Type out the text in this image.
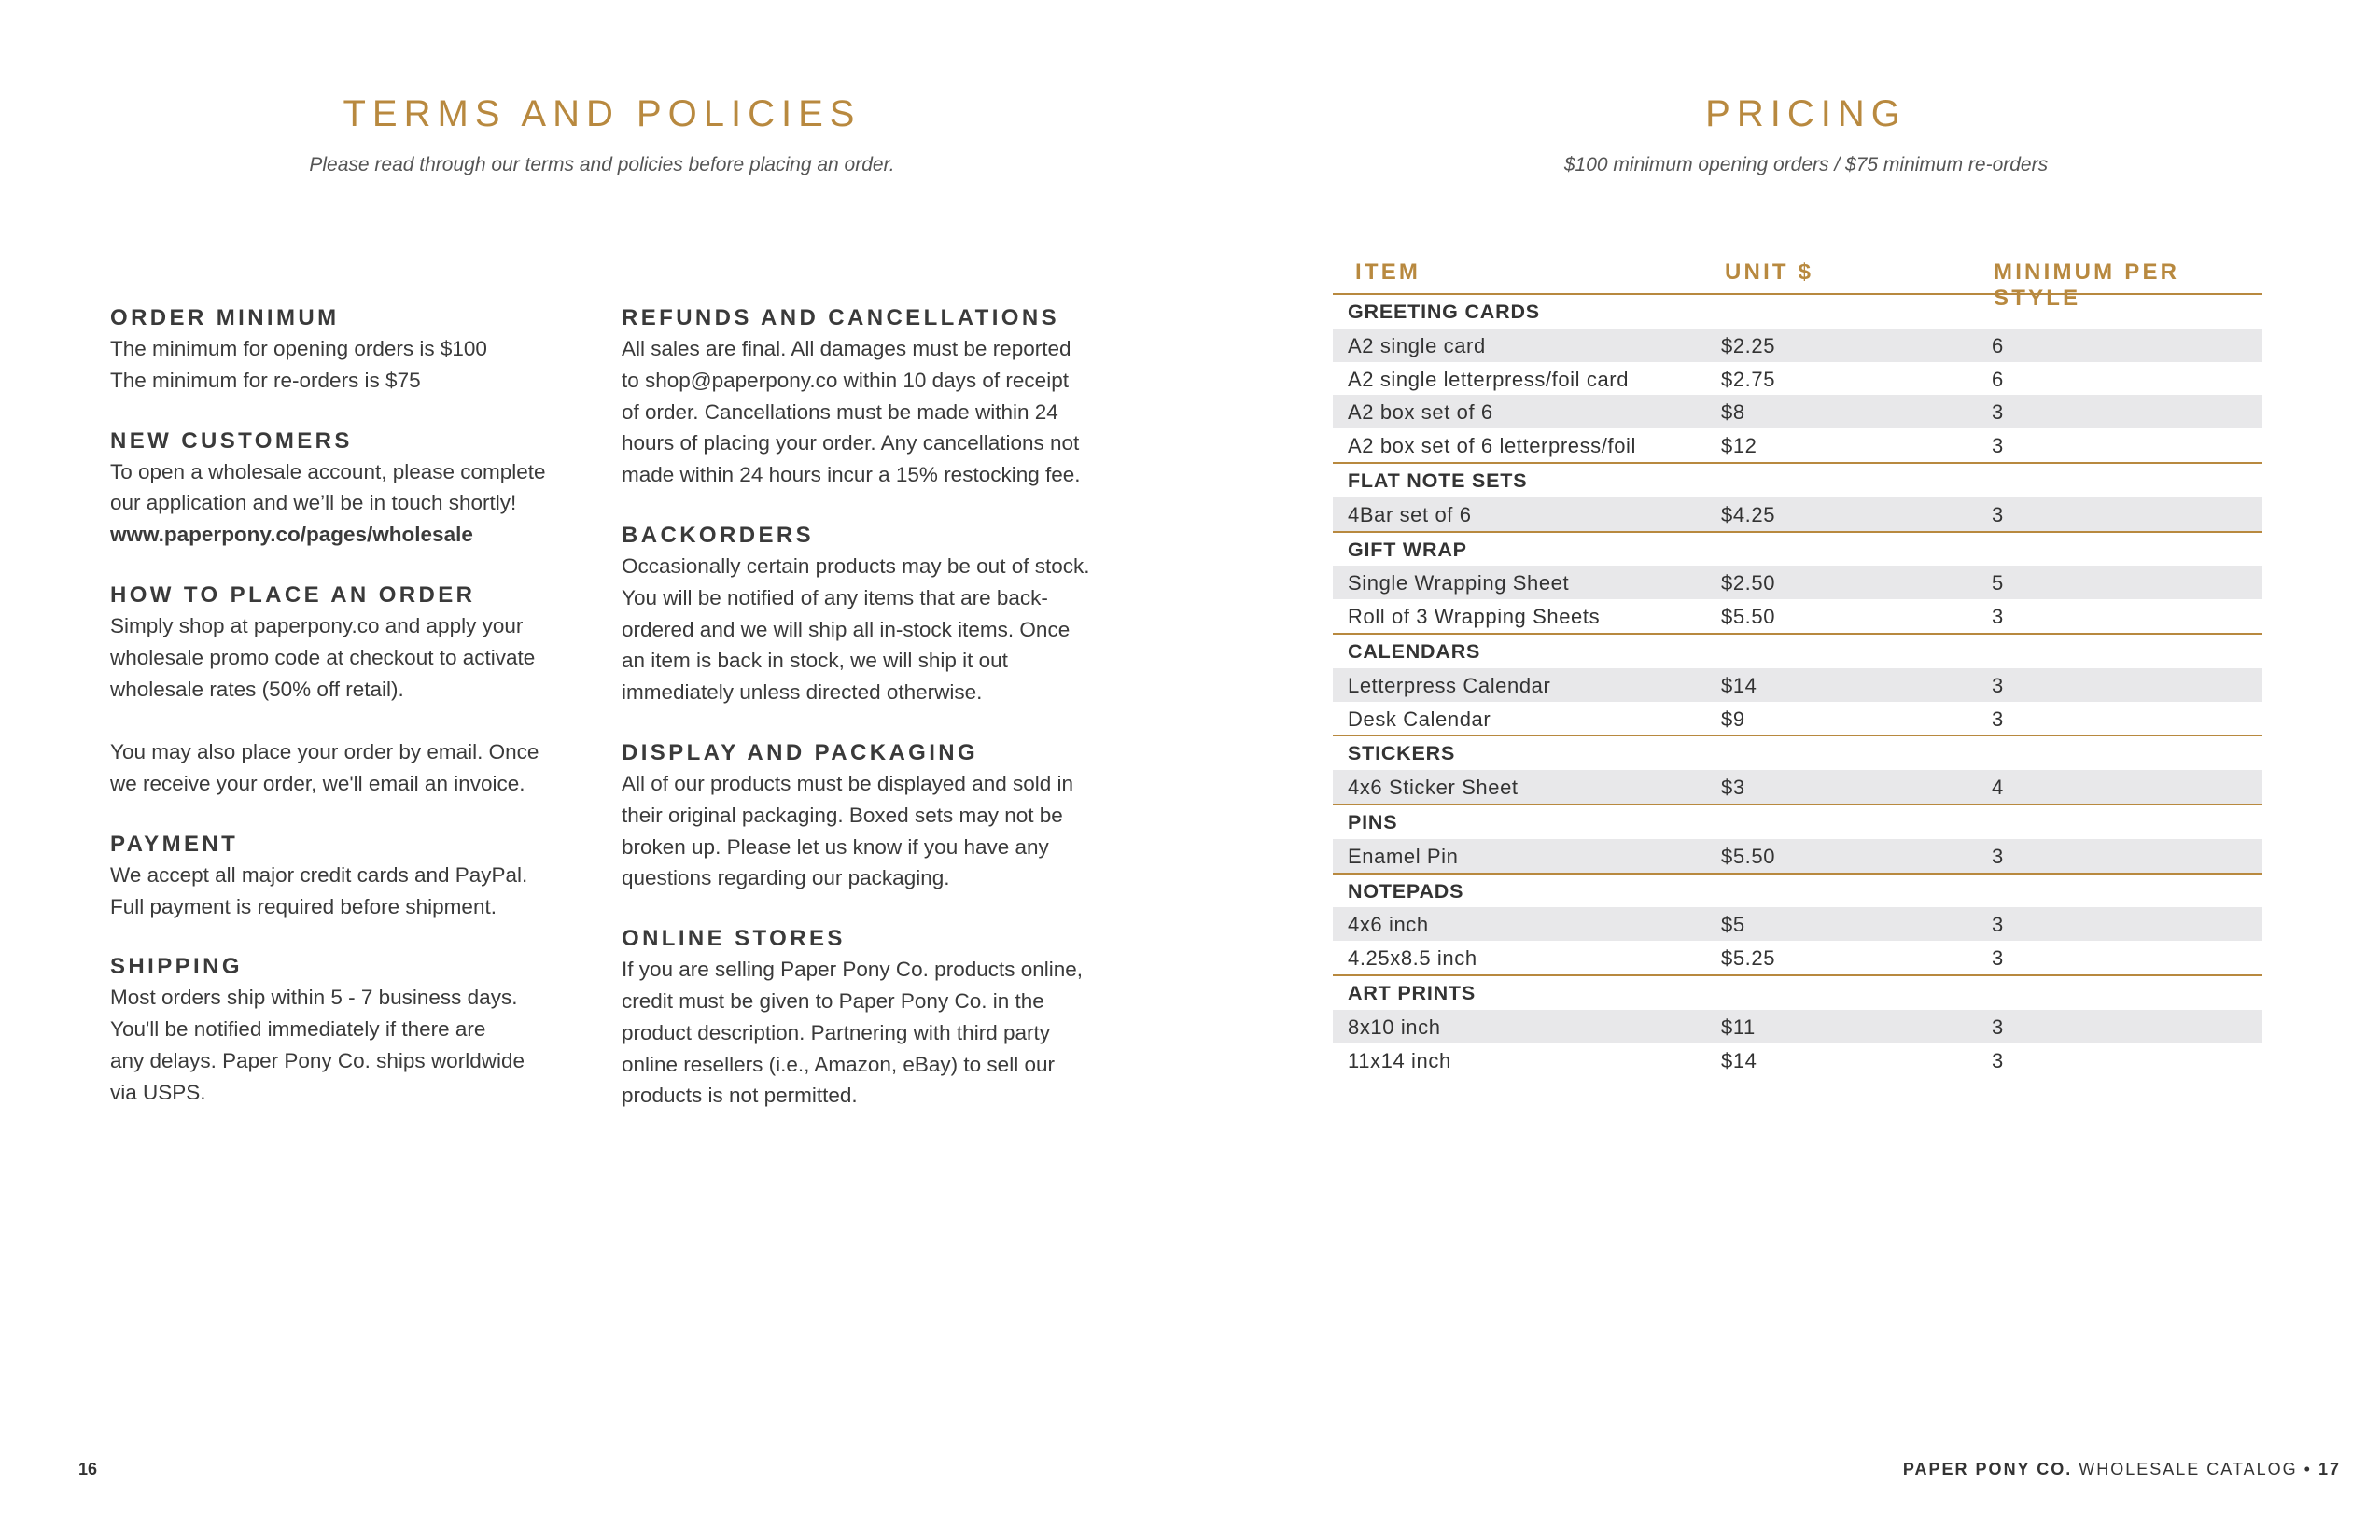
TERMS AND POLICIES
Please read through our terms and policies before placing an order.
ORDER MINIMUM
The minimum for opening orders is $100
The minimum for re-orders is $75
NEW CUSTOMERS
To open a wholesale account, please complete
our application and we’ll be in touch shortly!
www.paperpony.co/pages/wholesale
HOW TO PLACE AN ORDER
Simply shop at paperpony.co and apply your
wholesale promo code at checkout to activate
wholesale rates (50% off retail).
You may also place your order by email. Once
we receive your order, we'll email an invoice.
PAYMENT
We accept all major credit cards and PayPal.
Full payment is required before shipment.
SHIPPING
Most orders ship within 5 - 7 business days.
You'll be notified immediately if there are
any delays. Paper Pony Co. ships worldwide
via USPS.
REFUNDS AND CANCELLATIONS
All sales are final. All damages must be reported
to shop@paperpony.co within 10 days of receipt
of order. Cancellations must be made within 24
hours of placing your order. Any cancellations not
made within 24 hours incur a 15% restocking fee.
BACKORDERS
Occasionally certain products may be out of stock.
You will be notified of any items that are back-
ordered and we will ship all in-stock items. Once
an item is back in stock, we will ship it out
immediately unless directed otherwise.
DISPLAY AND PACKAGING
All of our products must be displayed and sold in
their original packaging. Boxed sets may not be
broken up. Please let us know if you have any
questions regarding our packaging.
ONLINE STORES
If you are selling Paper Pony Co. products online,
credit must be given to Paper Pony Co. in the
product description. Partnering with third party
online resellers (i.e., Amazon, eBay) to sell our
products is not permitted.
16
PRICING
$100 minimum opening orders / $75 minimum re-orders
ITEM	UNIT $	MINIMUM PER STYLE
GREETING CARDS
A2 single card	$2.25	6
A2 single letterpress/foil card	$2.75	6
A2 box set of 6	$8	3
A2 box set of 6 letterpress/foil	$12	3
FLAT NOTE SETS
4Bar set of 6	$4.25	3
GIFT WRAP
Single Wrapping Sheet	$2.50	5
Roll of 3 Wrapping Sheets	$5.50	3
CALENDARS
Letterpress Calendar	$14	3
Desk Calendar	$9	3
STICKERS
4x6 Sticker Sheet	$3	4
PINS
Enamel Pin	$5.50	3
NOTEPADS
4x6 inch	$5	3
4.25x8.5 inch	$5.25	3
ART PRINTS
8x10 inch	$11	3
11x14 inch	$14	3
PAPER PONY CO. WHOLESALE CATALOG • 17
